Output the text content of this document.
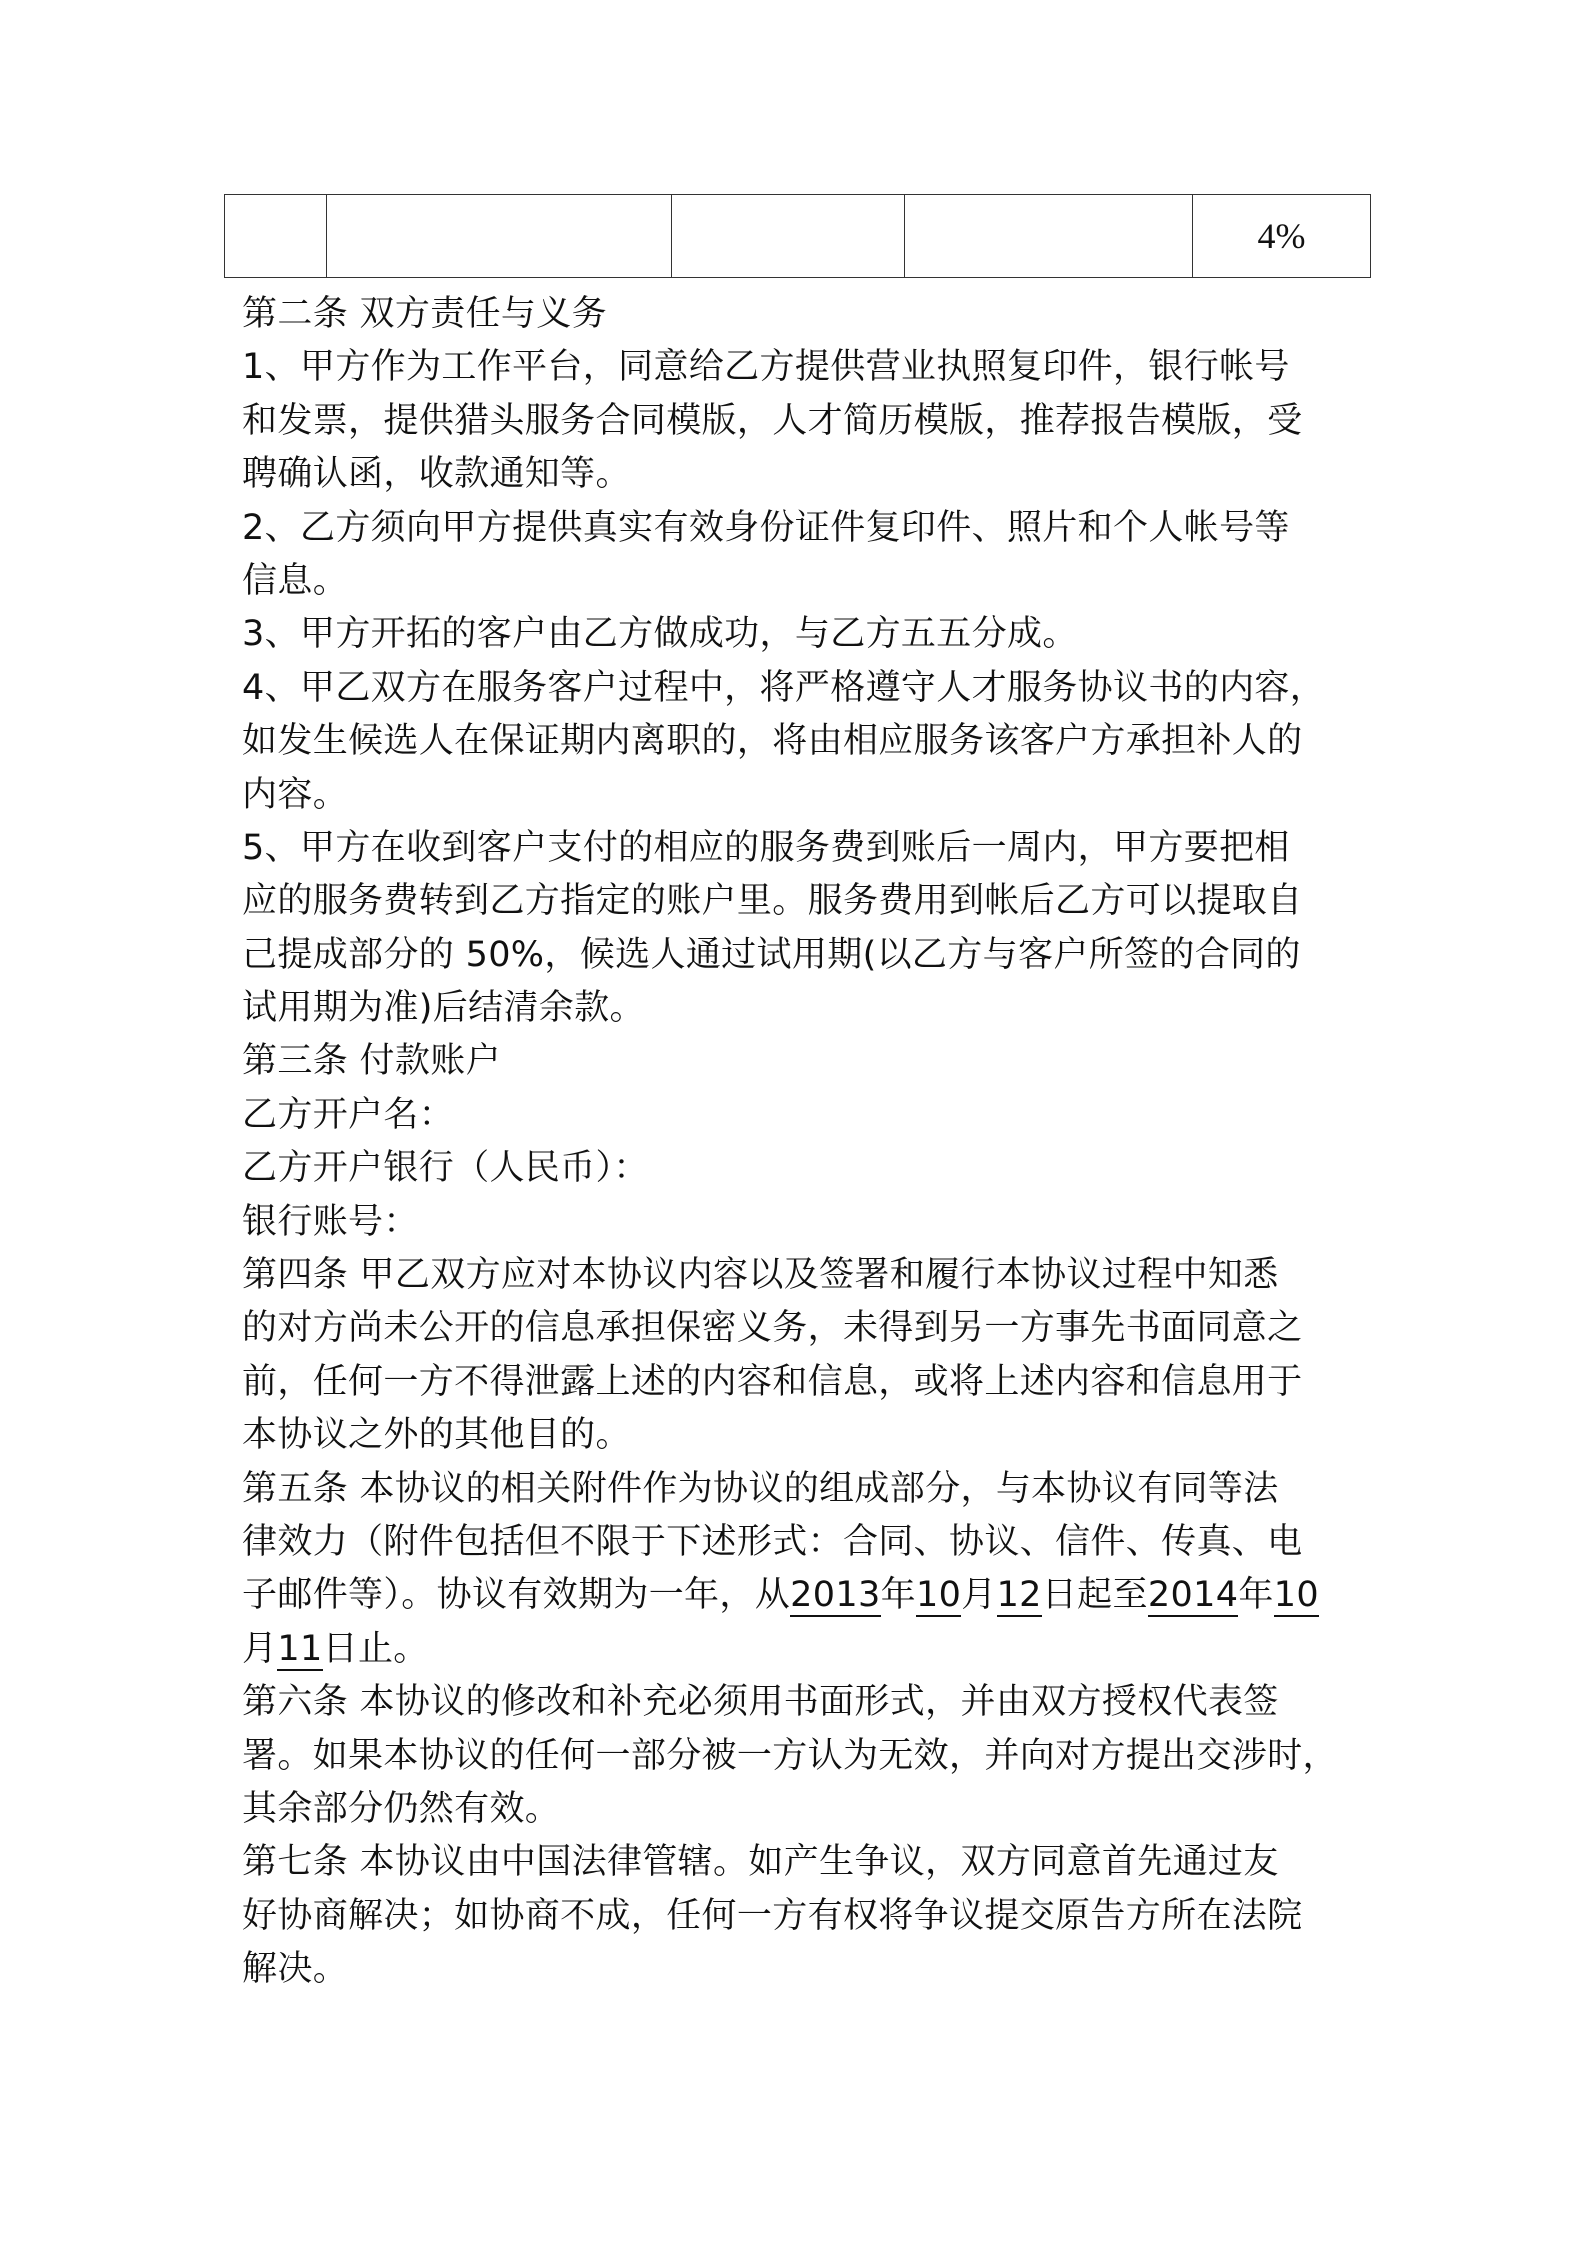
				4%
第二条 双方责任与义务
1、甲方作为工作平台，同意给乙方提供营业执照复印件，银行帐号
和发票，提供猎头服务合同模版，人才简历模版，推荐报告模版，受
聘确认函，收款通知等。
2、乙方须向甲方提供真实有效身份证件复印件、照片和个人帐号等
信息。
3、甲方开拓的客户由乙方做成功，与乙方五五分成。
4、甲乙双方在服务客户过程中，将严格遵守人才服务协议书的内容，
如发生候选人在保证期内离职的，将由相应服务该客户方承担补人的
内容。
5、甲方在收到客户支付的相应的服务费到账后一周内，甲方要把相
应的服务费转到乙方指定的账户里。服务费用到帐后乙方可以提取自
己提成部分的 50%，候选人通过试用期(以乙方与客户所签的合同的
试用期为准)后结清余款。
第三条 付款账户
乙方开户名：
乙方开户银行（人民币）：
银行账号：
第四条 甲乙双方应对本协议内容以及签署和履行本协议过程中知悉
的对方尚未公开的信息承担保密义务，未得到另一方事先书面同意之
前，任何一方不得泄露上述的内容和信息，或将上述内容和信息用于
本协议之外的其他目的。
第五条 本协议的相关附件作为协议的组成部分，与本协议有同等法
律效力（附件包括但不限于下述形式：合同、协议、信件、传真、电
子邮件等）。协议有效期为一年，从2013年10月12日起至2014年10
月11日止。
第六条 本协议的修改和补充必须用书面形式，并由双方授权代表签
署。如果本协议的任何一部分被一方认为无效，并向对方提出交涉时，
其余部分仍然有效。
第七条 本协议由中国法律管辖。如产生争议，双方同意首先通过友
好协商解决；如协商不成，任何一方有权将争议提交原告方所在法院
解决。
